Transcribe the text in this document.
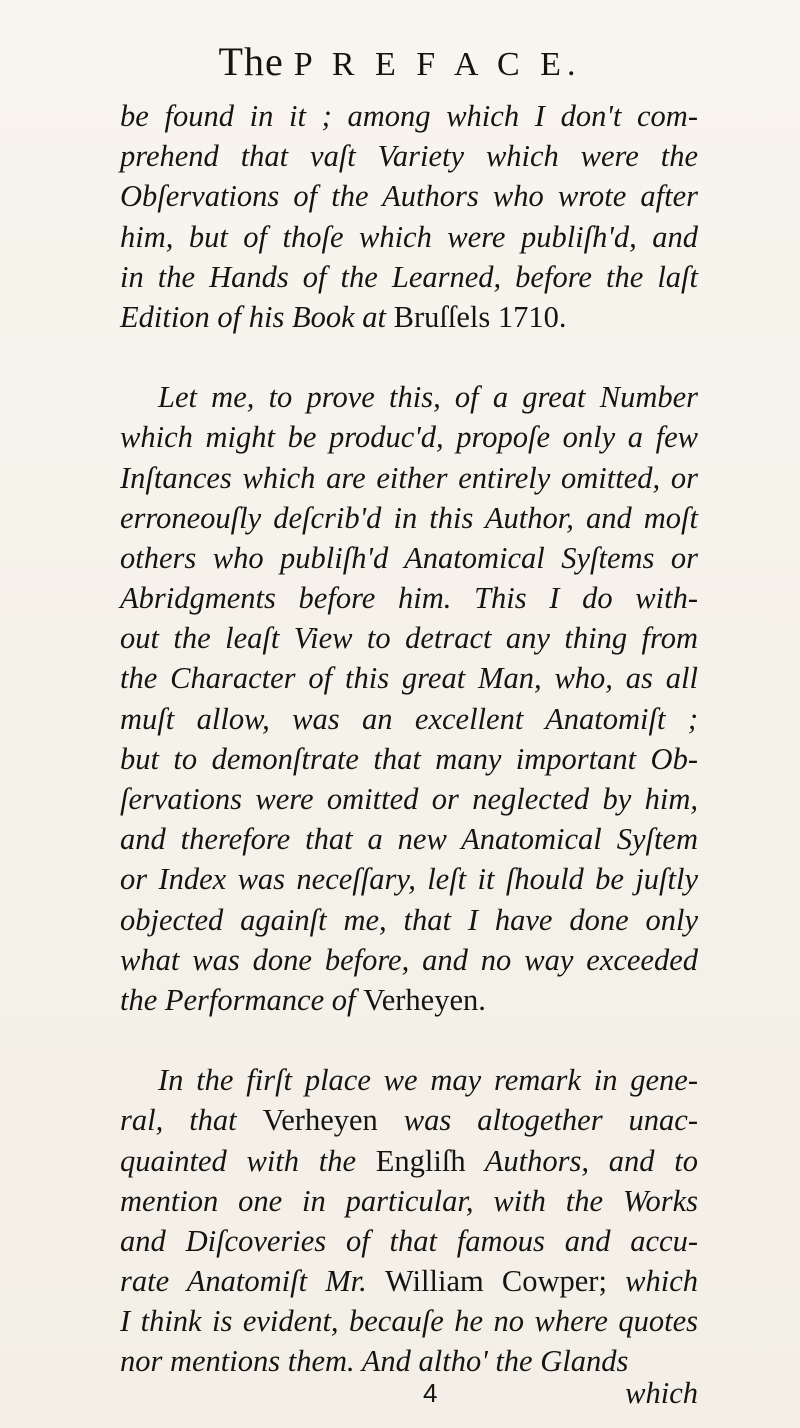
The P R E F A C E.
be found in it ; among which I don't com-
prehend that vaſt Variety which were the
Obſervations of the Authors who wrote after
him, but of thoſe which were publiſh'd, and
in the Hands of the Learned, before the laſt
Edition of his Book at Bruſſels 1710.
Let me, to prove this, of a great Number
which might be produc'd, propoſe only a few
Inſtances which are either entirely omitted, or
erroneouſly deſcrib'd in this Author, and moſt
others who publiſh'd Anatomical Syſtems or
Abridgments before him. This I do with-
out the leaſt View to detract any thing from
the Character of this great Man, who, as all
muſt allow, was an excellent Anatomiſt ;
but to demonſtrate that many important Ob-
ſervations were omitted or neglected by him,
and therefore that a new Anatomical Syſtem
or Index was neceſſary, leſt it ſhould be juſtly
objected againſt me, that I have done only
what was done before, and no way exceeded
the Performance of Verheyen.
In the firſt place we may remark in gene-
ral, that Verheyen was altogether unac-
quainted with the Engliſh Authors, and to
mention one in particular, with the Works
and Diſcoveries of that famous and accu-
rate Anatomiſt Mr. William Cowper; which
I think is evident, becauſe he no where quotes
nor mentions them. And altho' the Glands
4	which
